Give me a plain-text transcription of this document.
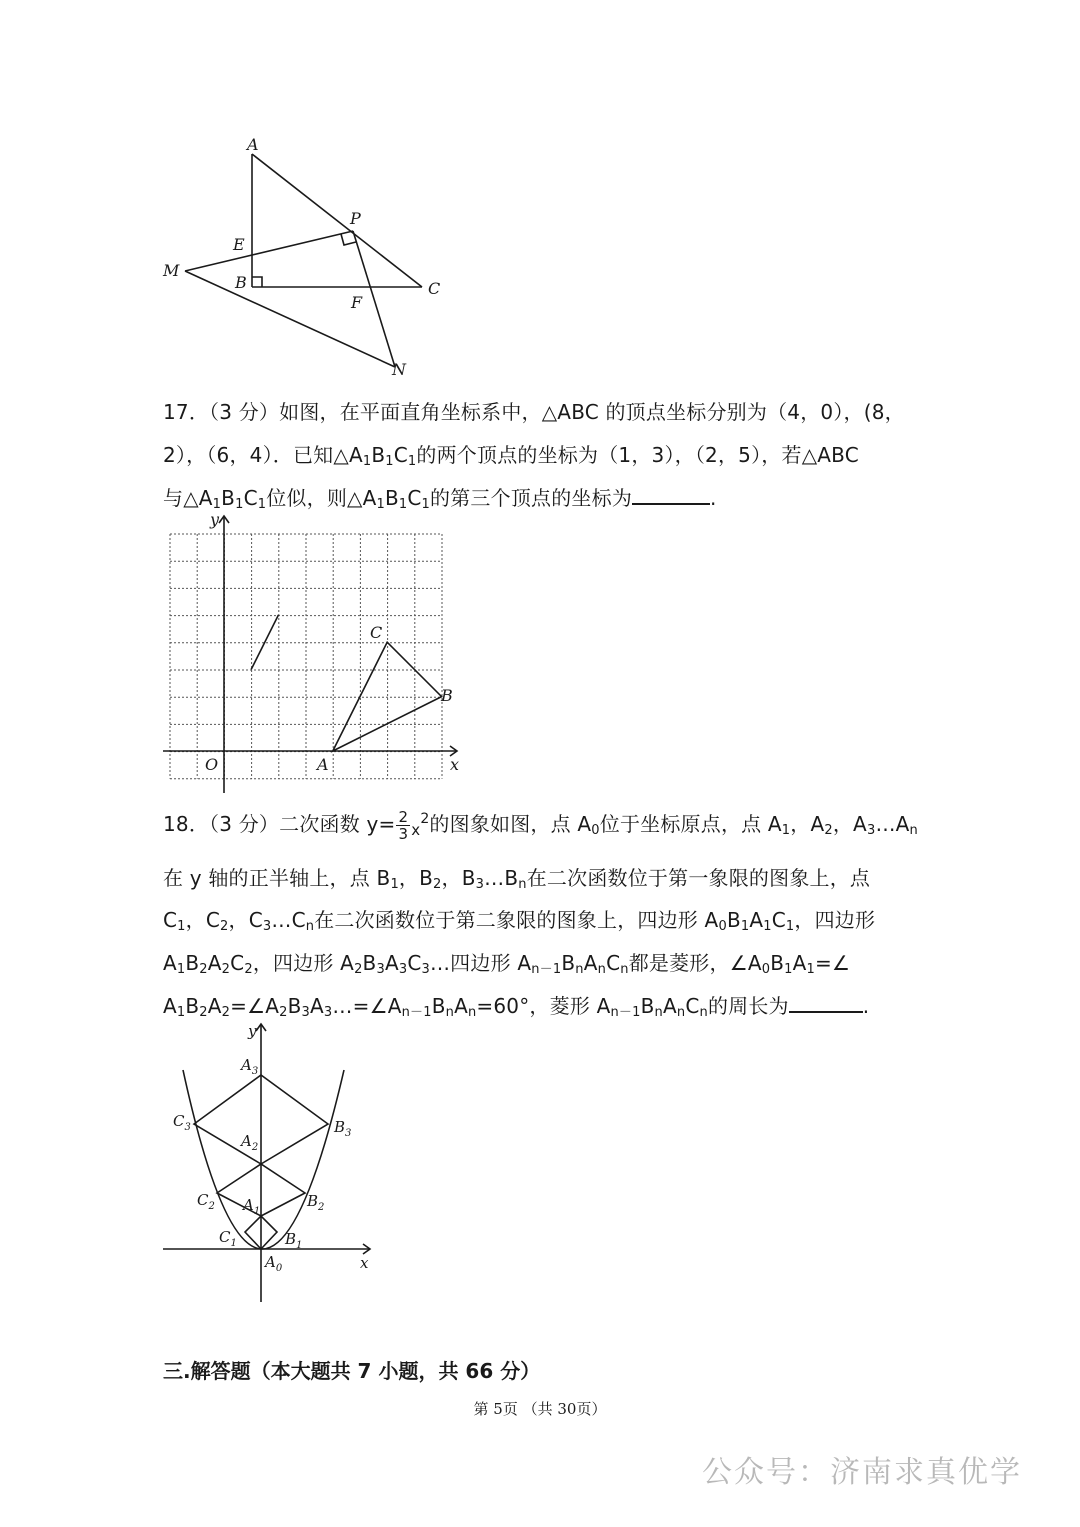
A
P
E
M
B	C
F
N
17．（3 分）如图，在平面直角坐标系中，△ABC 的顶点坐标分别为（4，0），(8，
2），（6，4）．已知$\triangle A_1B_1C_1$的两个顶点的坐标为（1，3），（2，5），若△ABC
与$\triangle A_1B_1C_1$位似，则$\triangle A_1B_1C_1$的第三个顶点的坐标为	.
y
x
O	A
B
C
18．（3 分）二次函数 $y= \frac{2}{3} _x^2$的图象如图，点 $A_0$位于坐标原点，点 $A_1$，$A_2$，$A_3\dots A_n$
在 y 轴的正半轴上，点 $B_1$，$B_2$，$B_3\dots B_n$在二次函数位于第一象限的图象上，点
$C_1$，$C_2$，$C_3\dots C_n$在二次函数位于第二象限的图象上，四边形 $A_0B_1A_1C_1$，四边形
$A_1B_2A_2C_2$，四边形 $A_2B_3A_3C_3\dots$四边形 $A_{n-1}B_nA_nC_n$都是菱形，$\angle A_0B_1A_1=\angle$
$A_1B_2A_2=\angle A_2B_3A_3\dots=\angle A_{n-1}B_nA_n=60^\circ$，菱形 $A_{n-1}B_nA_nC_n$的周长为	.
y
x
$A_3$
$A_2$
$A_1$
$A_0$
$B_3$
$B_2$
$B_1$
$C_3$
$C_2$
$C_1$
三.解答题（本大题共 7 小题，共 66 分）
第 5页 （共 30页）
公众号：济南求真优学
